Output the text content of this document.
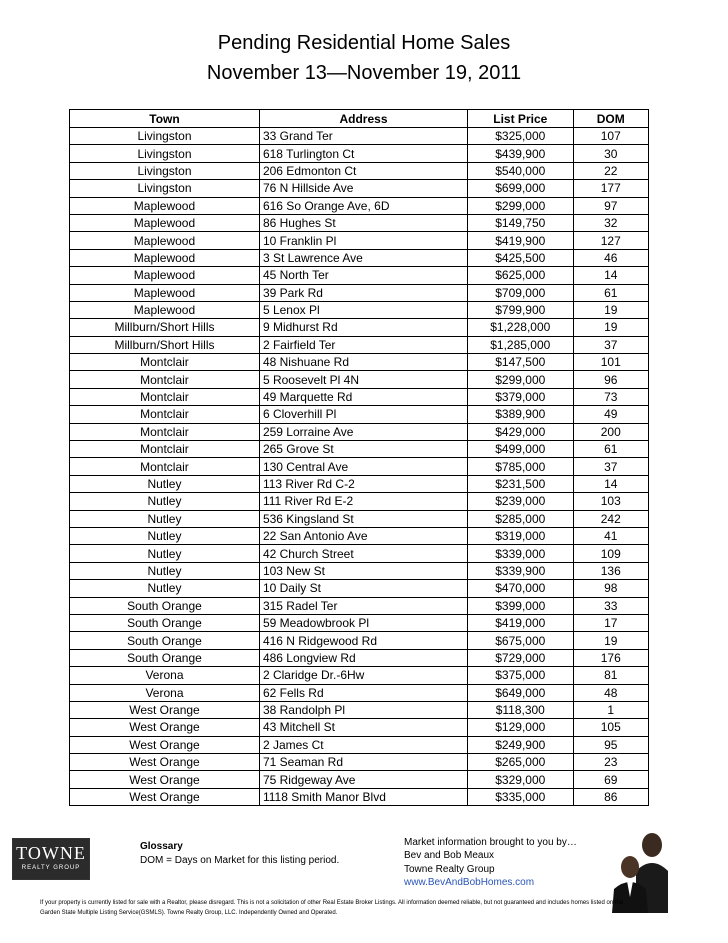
Pending Residential Home Sales
November 13—November 19, 2011
Town	Address	List Price	DOM
Livingston	33 Grand Ter	$325,000	107
Livingston	618 Turlington Ct	$439,900	30
Livingston	206 Edmonton Ct	$540,000	22
Livingston	76 N Hillside Ave	$699,000	177
Maplewood	616 So Orange Ave, 6D	$299,000	97
Maplewood	86 Hughes St	$149,750	32
Maplewood	10 Franklin Pl	$419,900	127
Maplewood	3 St Lawrence Ave	$425,500	46
Maplewood	45 North Ter	$625,000	14
Maplewood	39 Park Rd	$709,000	61
Maplewood	5 Lenox Pl	$799,900	19
Millburn/Short Hills	9 Midhurst Rd	$1,228,000	19
Millburn/Short Hills	2 Fairfield Ter	$1,285,000	37
Montclair	48 Nishuane Rd	$147,500	101
Montclair	5 Roosevelt Pl 4N	$299,000	96
Montclair	49 Marquette Rd	$379,000	73
Montclair	6 Cloverhill Pl	$389,900	49
Montclair	259 Lorraine Ave	$429,000	200
Montclair	265 Grove St	$499,000	61
Montclair	130 Central Ave	$785,000	37
Nutley	113 River Rd C-2	$231,500	14
Nutley	111 River Rd E-2	$239,000	103
Nutley	536 Kingsland St	$285,000	242
Nutley	22 San Antonio Ave	$319,000	41
Nutley	42 Church Street	$339,000	109
Nutley	103 New St	$339,900	136
Nutley	10 Daily St	$470,000	98
South Orange	315 Radel Ter	$399,000	33
South Orange	59 Meadowbrook Pl	$419,000	17
South Orange	416 N Ridgewood Rd	$675,000	19
South Orange	486 Longview Rd	$729,000	176
Verona	2 Claridge Dr.-6Hw	$375,000	81
Verona	62 Fells Rd	$649,000	48
West Orange	38 Randolph Pl	$118,300	1
West Orange	43 Mitchell St	$129,000	105
West Orange	2 James Ct	$249,900	95
West Orange	71 Seaman Rd	$265,000	23
West Orange	75 Ridgeway Ave	$329,000	69
West Orange	1118 Smith Manor Blvd	$335,000	86
TOWNE
REALTY GROUP
Glossary
DOM = Days on Market for this listing period.
Market information brought to you by…
Bev and Bob Meaux
Towne Realty Group
www.BevAndBobHomes.com
If your property is currently listed for sale with a Realtor, please disregard. This is not a solicitation of other Real Estate Broker Listings. All information deemed reliable, but not guaranteed and includes homes listed on the Garden State Multiple Listing Service(GSMLS). Towne Realty Group, LLC. Independently Owned and Operated.
